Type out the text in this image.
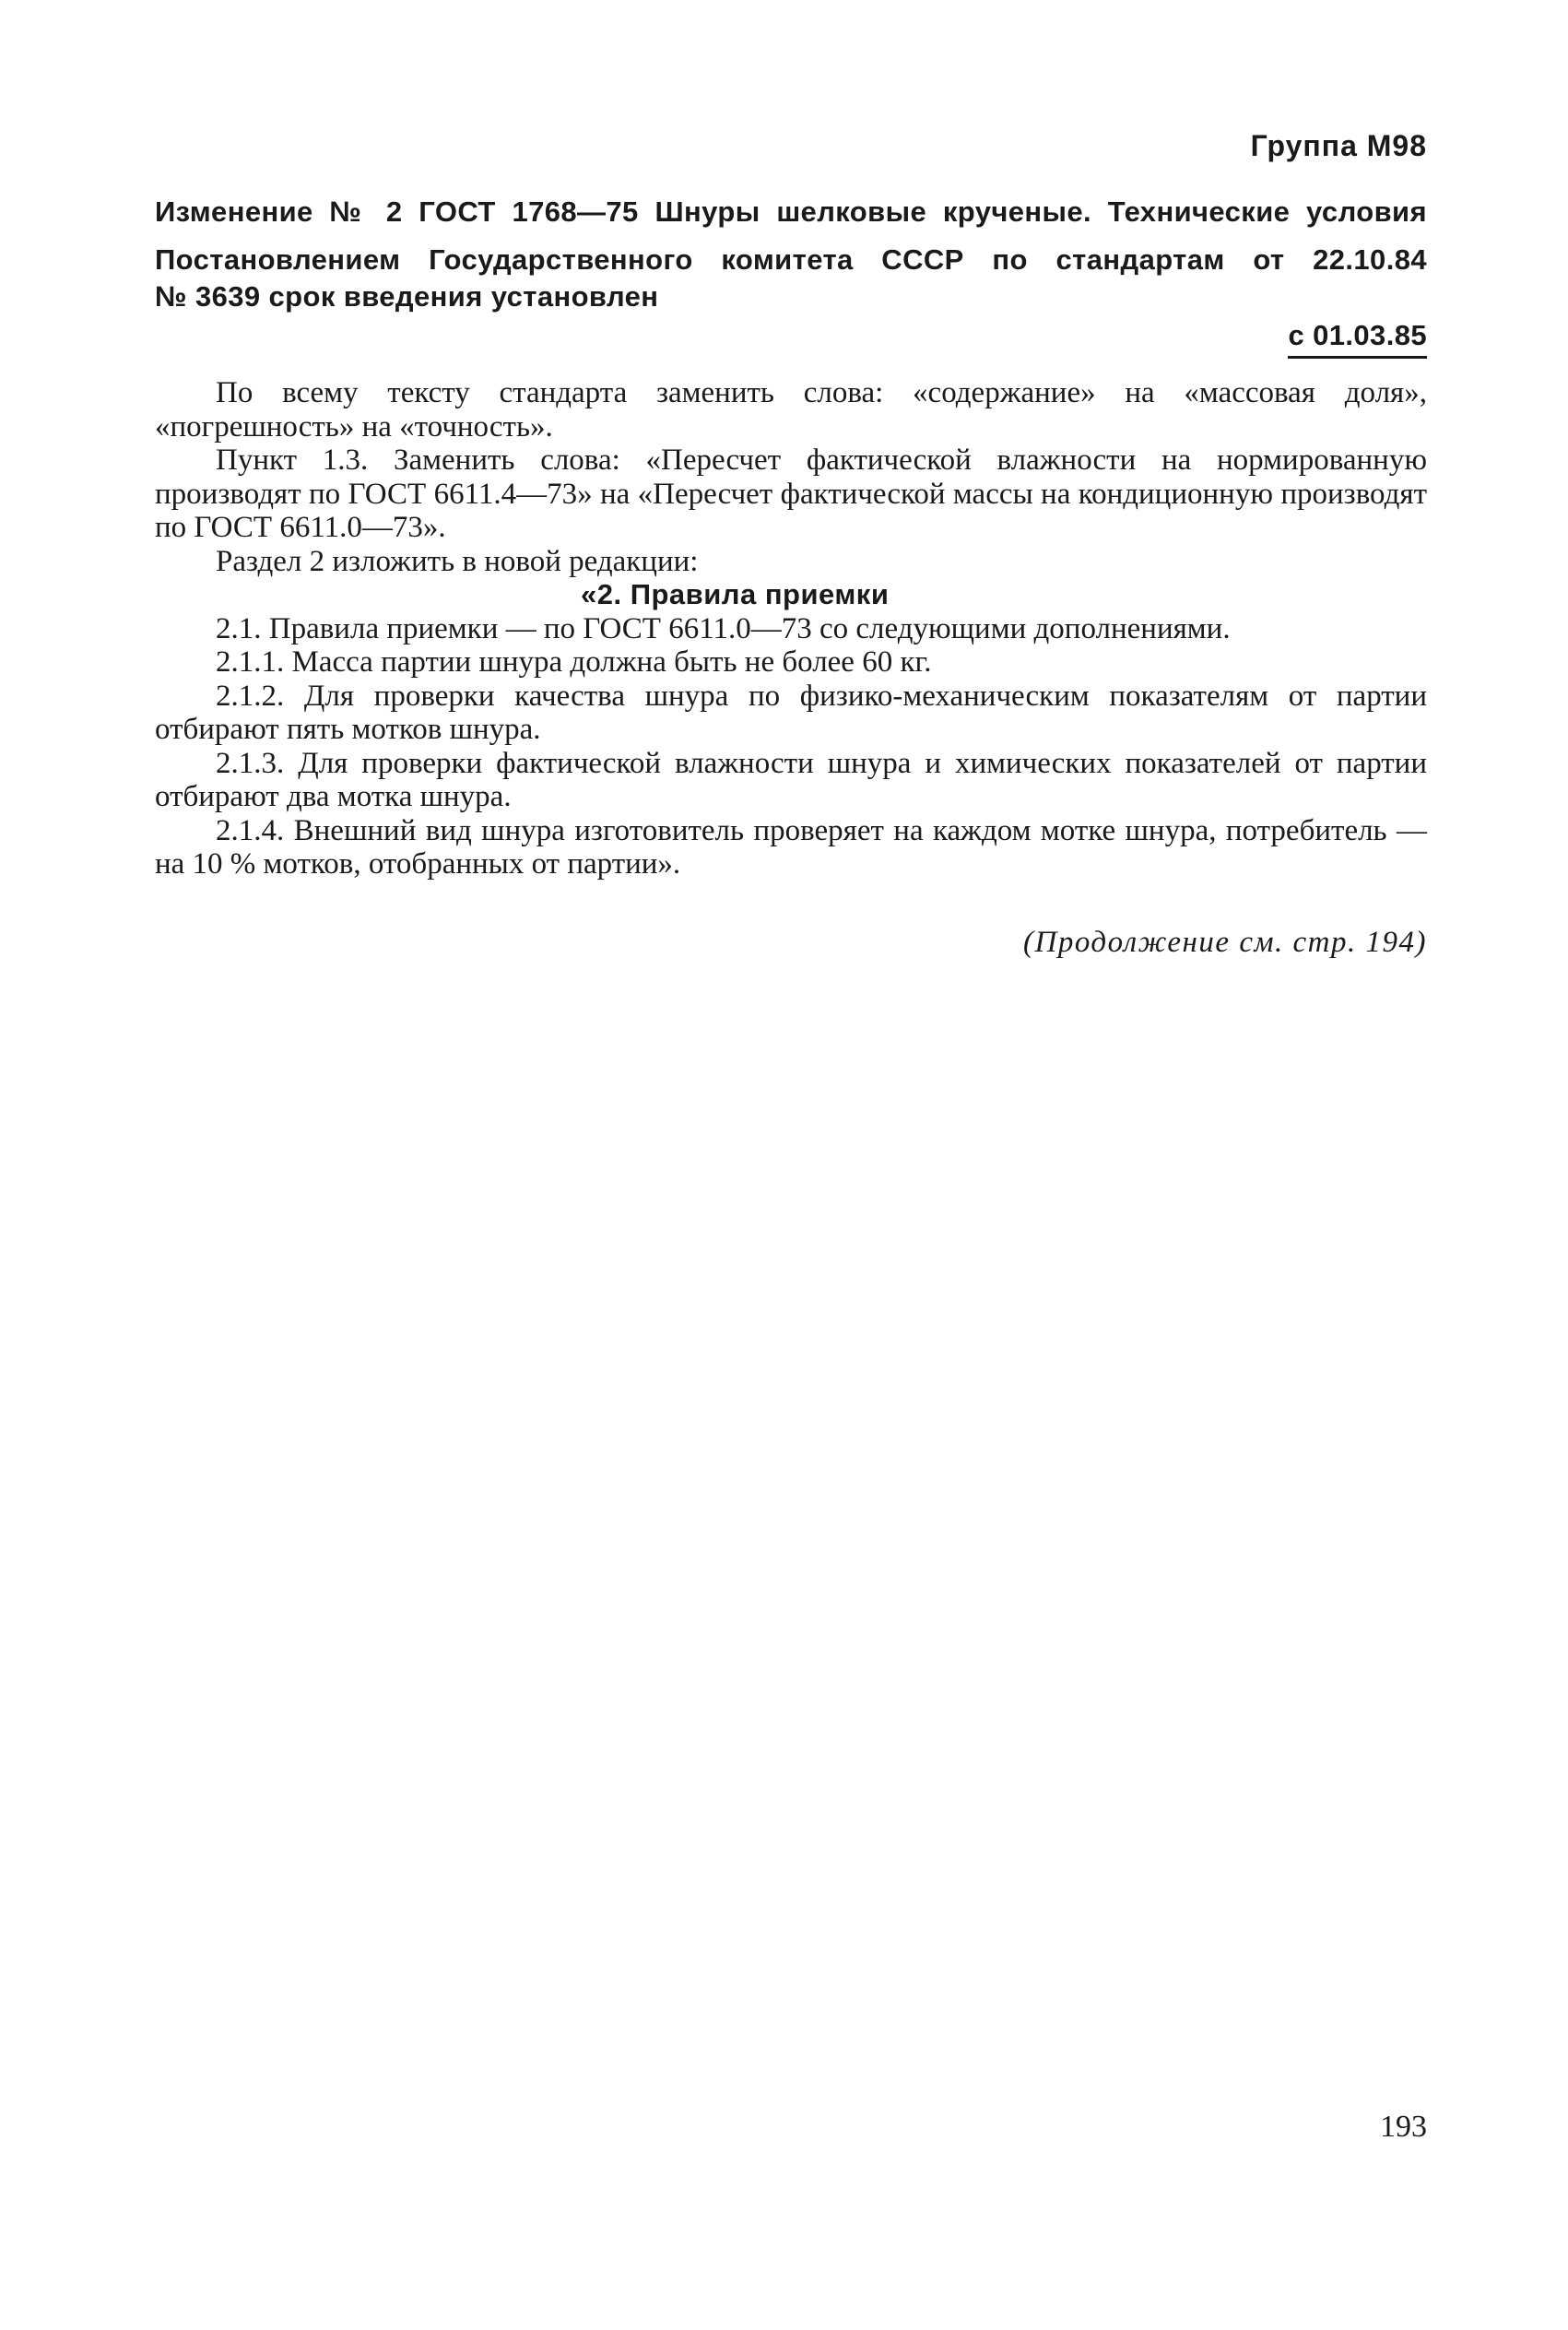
Группа М98
Изменение № 2 ГОСТ 1768—75 Шнуры шелковые крученые. Технические условия
Постановлением Государственного комитета СССР по стандартам от 22.10.84
№ 3639 срок введения установлен
с 01.03.85

По всему тексту стандарта заменить слова: «содержание» на «массовая доля», «погрешность» на «точность».

Пункт 1.3. Заменить слова: «Пересчет фактической влажности на нормированную производят по ГОСТ 6611.4—73» на «Пересчет фактической массы на кондиционную производят по ГОСТ 6611.0—73».

Раздел 2 изложить в новой редакции:

«2. Правила приемки

2.1. Правила приемки — по ГОСТ 6611.0—73 со следующими дополнениями.

2.1.1. Масса партии шнура должна быть не более 60 кг.

2.1.2. Для проверки качества шнура по физико-механическим показателям от партии отбирают пять мотков шнура.

2.1.3. Для проверки фактической влажности шнура и химических показателей от партии отбирают два мотка шнура.

2.1.4. Внешний вид шнура изготовитель проверяет на каждом мотке шнура, потребитель — на 10 % мотков, отобранных от партии».

(Продолжение см. стр. 194)
193
